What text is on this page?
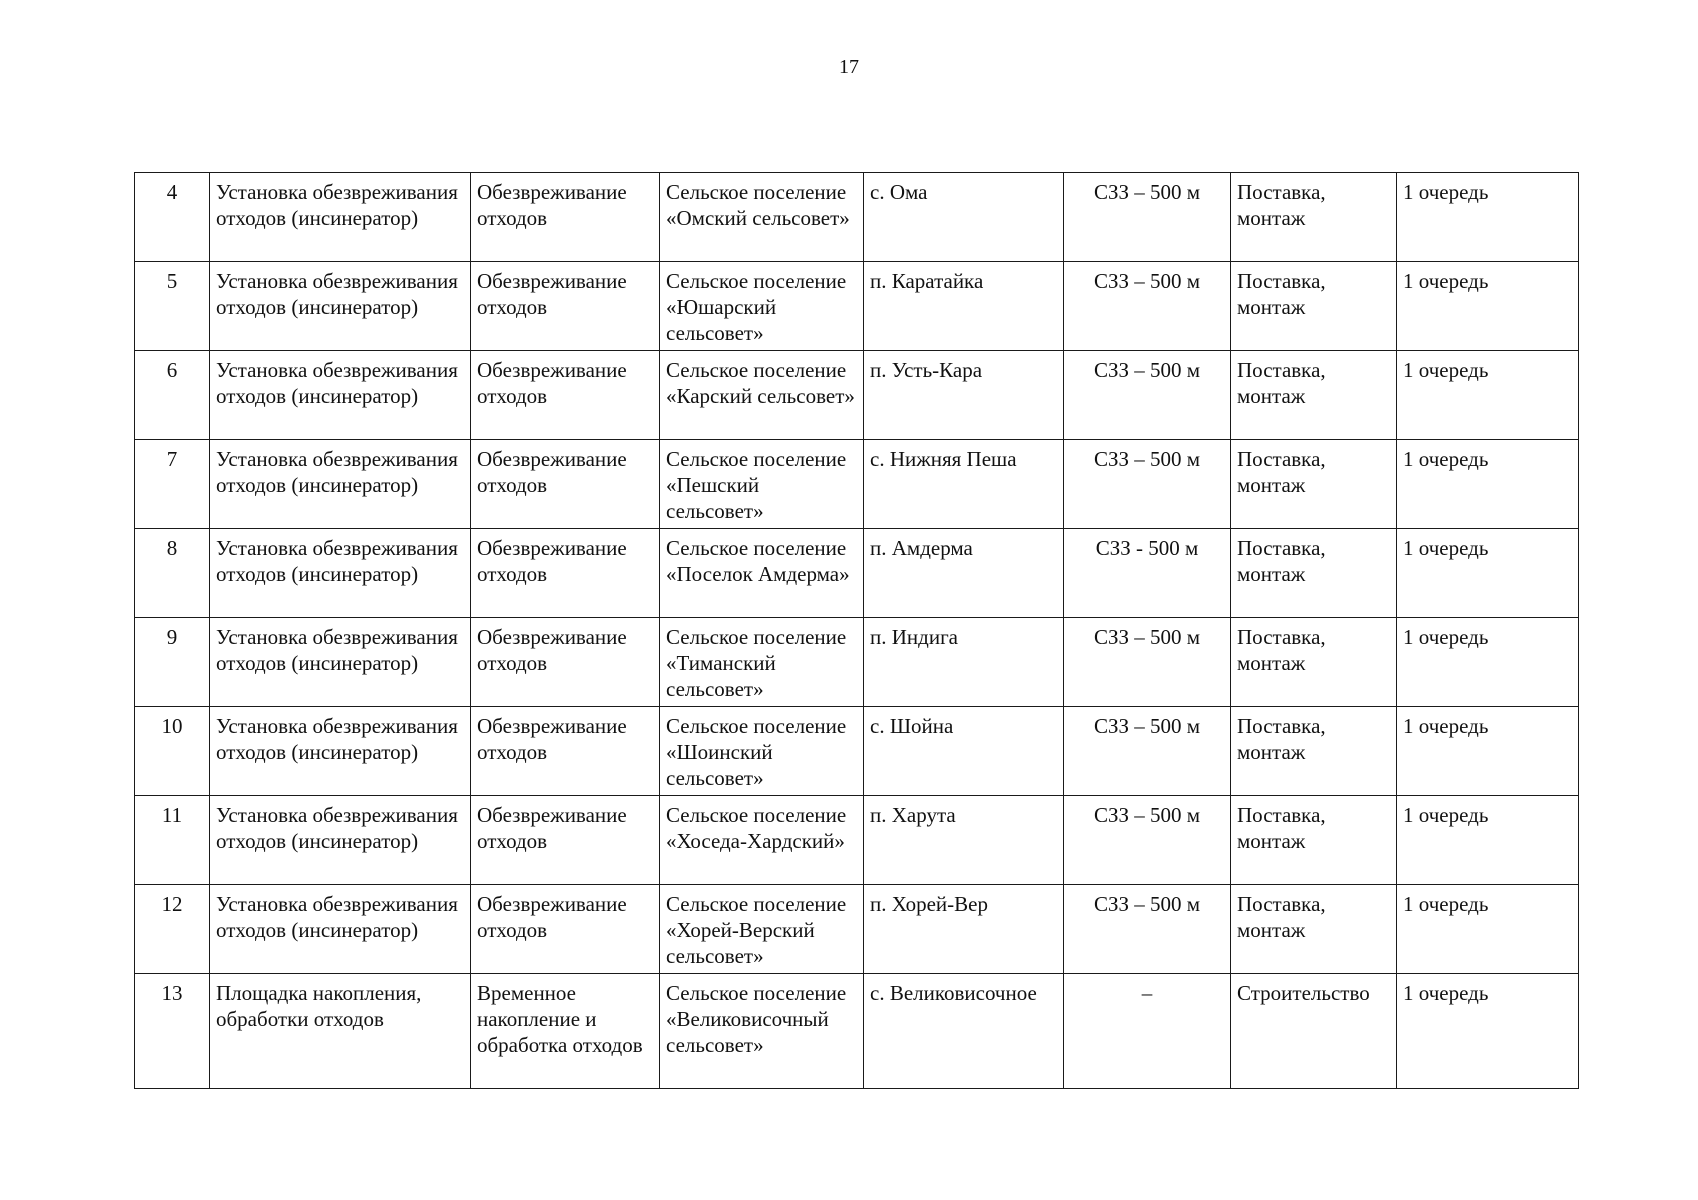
17
4	Установка обезвреживания отходов (инсинератор)	Обезвреживание отходов	Сельское поселение «Омский сельсовет»	с. Ома	СЗЗ – 500 м	Поставка, монтаж	1 очередь
5	Установка обезвреживания отходов (инсинератор)	Обезвреживание отходов	Сельское поселение «Юшарский сельсовет»	п. Каратайка	СЗЗ – 500 м	Поставка, монтаж	1 очередь
6	Установка обезвреживания отходов (инсинератор)	Обезвреживание отходов	Сельское поселение «Карский сельсовет»	п. Усть-Кара	СЗЗ – 500 м	Поставка, монтаж	1 очередь
7	Установка обезвреживания отходов (инсинератор)	Обезвреживание отходов	Сельское поселение «Пешский сельсовет»	с. Нижняя Пеша	СЗЗ – 500 м	Поставка, монтаж	1 очередь
8	Установка обезвреживания отходов (инсинератор)	Обезвреживание отходов	Сельское поселение «Поселок Амдерма»	п. Амдерма	СЗЗ - 500 м	Поставка, монтаж	1 очередь
9	Установка обезвреживания отходов (инсинератор)	Обезвреживание отходов	Сельское поселение «Тиманский сельсовет»	п. Индига	СЗЗ – 500 м	Поставка, монтаж	1 очередь
10	Установка обезвреживания отходов (инсинератор)	Обезвреживание отходов	Сельское поселение «Шоинский сельсовет»	с. Шойна	СЗЗ – 500 м	Поставка, монтаж	1 очередь
11	Установка обезвреживания отходов (инсинератор)	Обезвреживание отходов	Сельское поселение «Хоседа-Хардский»	п. Харута	СЗЗ – 500 м	Поставка, монтаж	1 очередь
12	Установка обезвреживания отходов (инсинератор)	Обезвреживание отходов	Сельское поселение «Хорей-Верский сельсовет»	п. Хорей-Вер	СЗЗ – 500 м	Поставка, монтаж	1 очередь
13	Площадка накопления, обработки отходов	Временное накопление и обработка отходов	Сельское поселение «Великовисочный сельсовет»	с. Великовисочное	–	Строительство	1 очередь
